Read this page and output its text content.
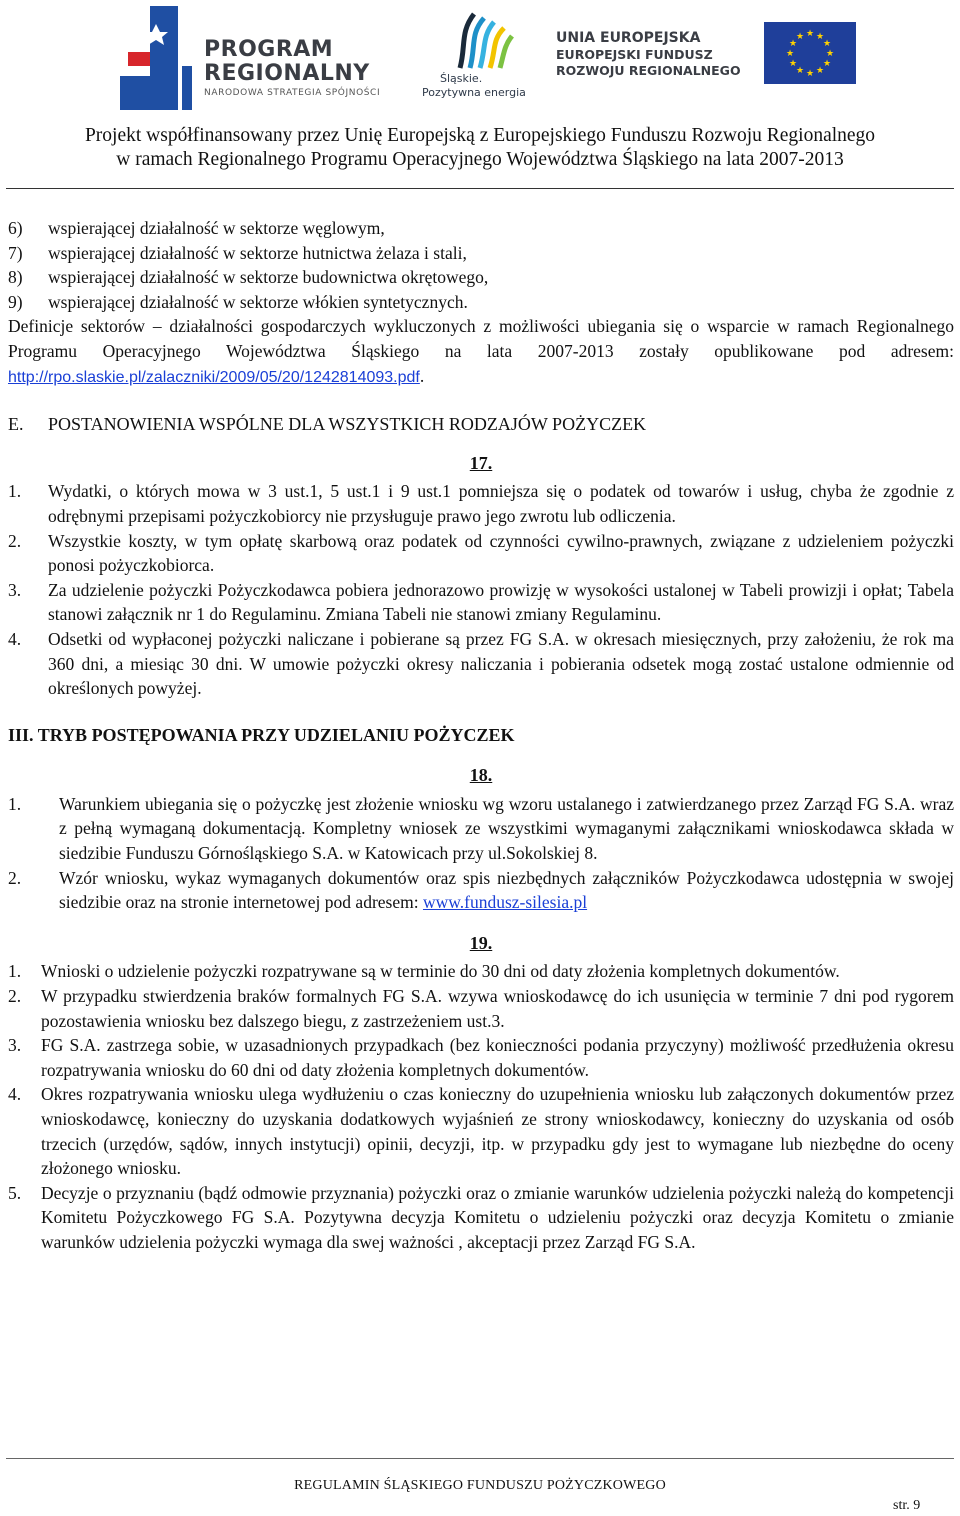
PROGRAM
REGIONALNY
NARODOWA STRATEGIA SPÓJNOŚCI
Śląskie.
Pozytywna energia
UNIA EUROPEJSKA
EUROPEJSKI FUNDUSZ
ROZWOJU REGIONALNEGO
★ ★
★
★
★
★
★
★
★
★
★
★
Projekt współfinansowany przez Unię Europejską z Europejskiego Funduszu Rozwoju Regionalnego
w ramach Regionalnego Programu Operacyjnego Województwa Śląskiego na lata 2007-2013
6)	wspierającej działalność w sektorze węglowym,
7)	wspierającej działalność w sektorze hutnictwa żelaza i stali,
8)	wspierającej działalność w sektorze budownictwa okrętowego,
9)	wspierającej działalność w sektorze włókien syntetycznych.

Definicje sektorów – działalności gospodarczych wykluczonych z możliwości ubiegania się o wsparcie w ramach Regionalnego Programu Operacyjnego Województwa Śląskiego na lata 2007-2013 zostały opublikowane pod adresem: http://rpo.slaskie.pl/zalaczniki/2009/05/20/1242814093.pdf.

E.	POSTANOWIENIA WSPÓLNE DLA WSZYSTKICH RODZAJÓW POŻYCZEK
17.
1.	Wydatki, o których mowa w 3 ust.1, 5 ust.1 i 9 ust.1 pomniejsza się o podatek od towarów i usług, chyba że zgodnie z odrębnymi przepisami pożyczkobiorcy nie przysługuje prawo jego zwrotu lub odliczenia.
2.	Wszystkie koszty, w tym opłatę skarbową oraz podatek od czynności cywilno-prawnych, związane z udzieleniem pożyczki ponosi pożyczkobiorca.
3.	Za udzielenie pożyczki Pożyczkodawca pobiera jednorazowo prowizję w wysokości ustalonej w Tabeli prowizji i opłat; Tabela stanowi załącznik nr 1 do Regulaminu. Zmiana Tabeli nie stanowi zmiany Regulaminu.
4.	Odsetki od wypłaconej pożyczki naliczane i pobierane są przez FG S.A. w okresach miesięcznych, przy założeniu, że rok ma 360 dni, a miesiąc 30 dni. W umowie pożyczki okresy naliczania i pobierania odsetek mogą zostać ustalone odmiennie od określonych powyżej.
III. TRYB POSTĘPOWANIA PRZY UDZIELANIU POŻYCZEK
18.
1.	Warunkiem ubiegania się o pożyczkę jest złożenie wniosku wg wzoru ustalanego i zatwierdzanego przez Zarząd FG S.A. wraz z pełną wymaganą dokumentacją. Kompletny wniosek ze wszystkimi wymaganymi załącznikami wnioskodawca składa w siedzibie Funduszu Górnośląskiego S.A. w Katowicach przy ul.Sokolskiej 8.
2.	Wzór wniosku, wykaz wymaganych dokumentów oraz spis niezbędnych załączników Pożyczkodawca udostępnia w swojej siedzibie oraz na stronie internetowej pod adresem: www.fundusz-silesia.pl
19.
1.	Wnioski o udzielenie pożyczki rozpatrywane są w terminie do 30 dni od daty złożenia kompletnych dokumentów.
2.	W przypadku stwierdzenia braków formalnych FG S.A. wzywa wnioskodawcę do ich usunięcia w terminie 7 dni pod rygorem pozostawienia wniosku bez dalszego biegu, z zastrzeżeniem ust.3.
3.	FG S.A. zastrzega sobie, w uzasadnionych przypadkach (bez konieczności podania przyczyny) możliwość przedłużenia okresu rozpatrywania wniosku do 60 dni od daty złożenia kompletnych dokumentów.
4.	Okres rozpatrywania wniosku ulega wydłużeniu o czas konieczny do uzupełnienia wniosku lub załączonych dokumentów przez wnioskodawcę, konieczny do uzyskania dodatkowych wyjaśnień ze strony wnioskodawcy, konieczny do uzyskania od osób trzecich (urzędów, sądów, innych instytucji) opinii, decyzji, itp. w przypadku gdy jest to wymagane lub niezbędne do oceny złożonego wniosku.
5.	Decyzje o przyznaniu (bądź odmowie przyznania) pożyczki oraz o zmianie warunków udzielenia pożyczki należą do kompetencji Komitetu Pożyczkowego FG S.A. Pozytywna decyzja Komitetu o udzieleniu pożyczki oraz decyzja Komitetu o zmianie warunków udzielenia pożyczki wymaga dla swej ważności , akceptacji przez Zarząd FG S.A.
REGULAMIN ŚLĄSKIEGO FUNDUSZU POŻYCZKOWEGO
str. 9
